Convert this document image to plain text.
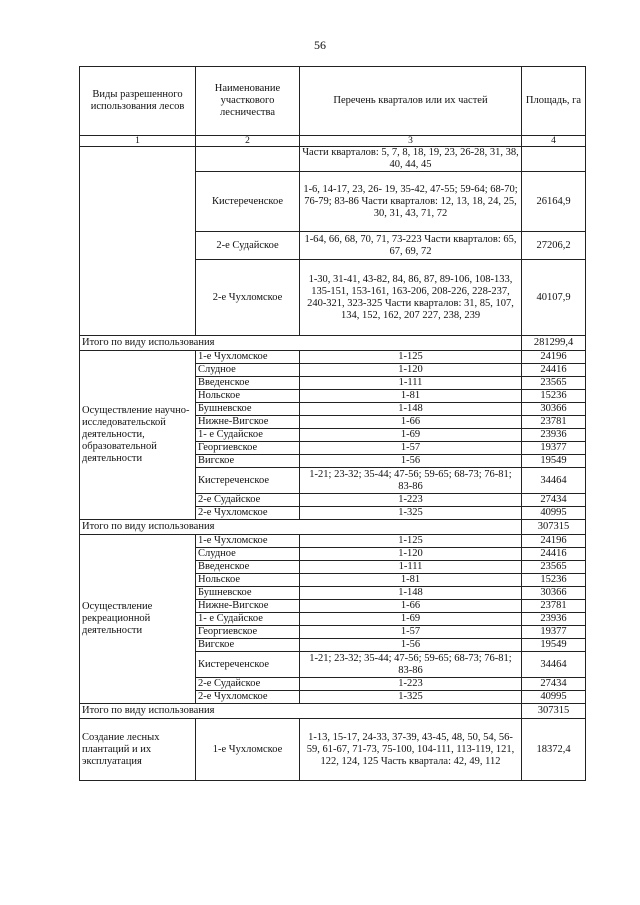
56
Виды разрешенного использования лесов	Наименование участкового лесничества	Перечень кварталов или их частей	Площадь, га
1	2	3	4
		Части кварталов: 5, 7, 8, 18, 19, 23, 26-28, 31, 38, 40, 44, 45	
	Кистереченское	1-6, 14-17, 23, 26- 19, 35-42, 47-55; 59-64; 68-70; 76-79; 83-86 Части кварталов: 12, 13, 18, 24, 25, 30, 31, 43, 71, 72	26164,9
	2-е Судайское	1-64, 66, 68, 70, 71, 73-223 Части кварталов: 65, 67, 69, 72	27206,2
	2-е Чухломское	1-30, 31-41, 43-82, 84, 86, 87, 89-106, 108-133, 135-151, 153-161, 163-206, 208-226, 228-237, 240-321, 323-325 Части кварталов: 31, 85, 107, 134, 152, 162, 207 227, 238, 239	40107,9
Итого по виду использования			281299,4
Осуществление научно-исследовательской деятельности, образовательной деятельности	1-е Чухломское	1-125	24196
	Слудное	1-120	24416
	Введенское	1-111	23565
	Нольское	1-81	15236
	Бушневское	1-148	30366
	Нижне-Вигское	1-66	23781
	1- е Судайское	1-69	23936
	Георгиевское	1-57	19377
	Вигское	1-56	19549
	Кистереченское	1-21; 23-32; 35-44; 47-56; 59-65; 68-73; 76-81; 83-86	34464
	2-е Судайское	1-223	27434
	2-е Чухломское	1-325	40995
Итого по виду использования			307315
Осуществление рекреационной деятельности	1-е Чухломское	1-125	24196
	Слудное	1-120	24416
	Введенское	1-111	23565
	Нольское	1-81	15236
	Бушневское	1-148	30366
	Нижне-Вигское	1-66	23781
	1- е Судайское	1-69	23936
	Георгиевское	1-57	19377
	Вигское	1-56	19549
	Кистереченское	1-21; 23-32; 35-44; 47-56; 59-65; 68-73; 76-81; 83-86	34464
	2-е Судайское	1-223	27434
	2-е Чухломское	1-325	40995
Итого по виду использования			307315
Создание лесных плантаций и их эксплуатация	1-е Чухломское	1-13, 15-17, 24-33, 37-39, 43-45, 48, 50, 54, 56-59, 61-67, 71-73, 75-100, 104-111, 113-119, 121, 122, 124, 125 Часть квартала: 42, 49, 112	18372,4
